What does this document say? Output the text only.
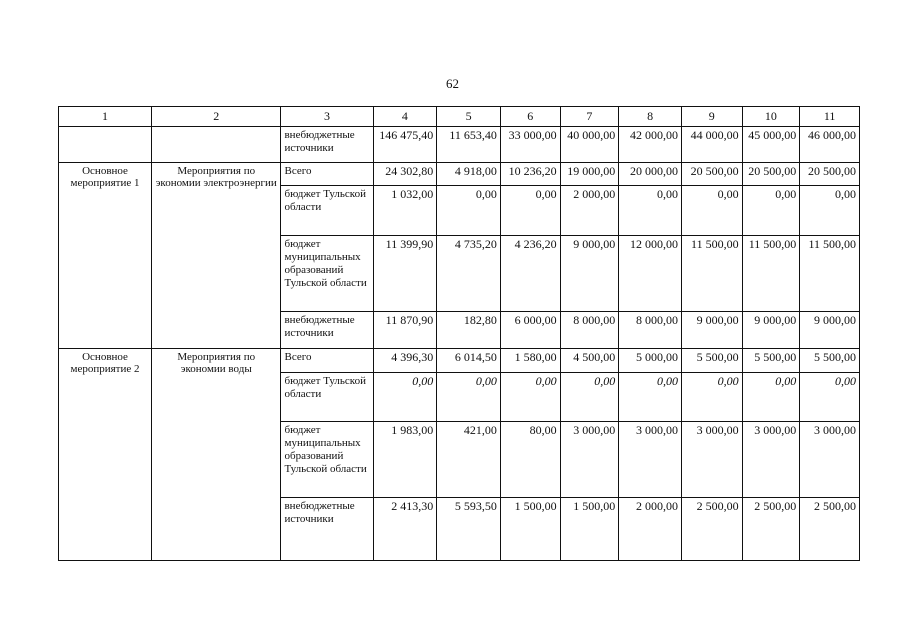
62
1	2	3	4	5	6	7	8	9	10	11
		внебюджетные источники	146 475,40	11 653,40	33 000,00	40 000,00	42 000,00	44 000,00	45 000,00	46 000,00
Основное мероприятие 1	Мероприятия по экономии электроэнергии	Всего	24 302,80	4 918,00	10 236,20	19 000,00	20 000,00	20 500,00	20 500,00	20 500,00
		бюджет Тульской области	1 032,00	0,00	0,00	2 000,00	0,00	0,00	0,00	0,00
		бюджет муниципальных образований Тульской области	11 399,90	4 735,20	4 236,20	9 000,00	12 000,00	11 500,00	11 500,00	11 500,00
		внебюджетные источники	11 870,90	182,80	6 000,00	8 000,00	8 000,00	9 000,00	9 000,00	9 000,00
Основное мероприятие 2	Мероприятия по экономии воды	Всего	4 396,30	6 014,50	1 580,00	4 500,00	5 000,00	5 500,00	5 500,00	5 500,00
		бюджет Тульской области	0,00	0,00	0,00	0,00	0,00	0,00	0,00	0,00
		бюджет муниципальных образований Тульской области	1 983,00	421,00	80,00	3 000,00	3 000,00	3 000,00	3 000,00	3 000,00
		внебюджетные источники	2 413,30	5 593,50	1 500,00	1 500,00	2 000,00	2 500,00	2 500,00	2 500,00
